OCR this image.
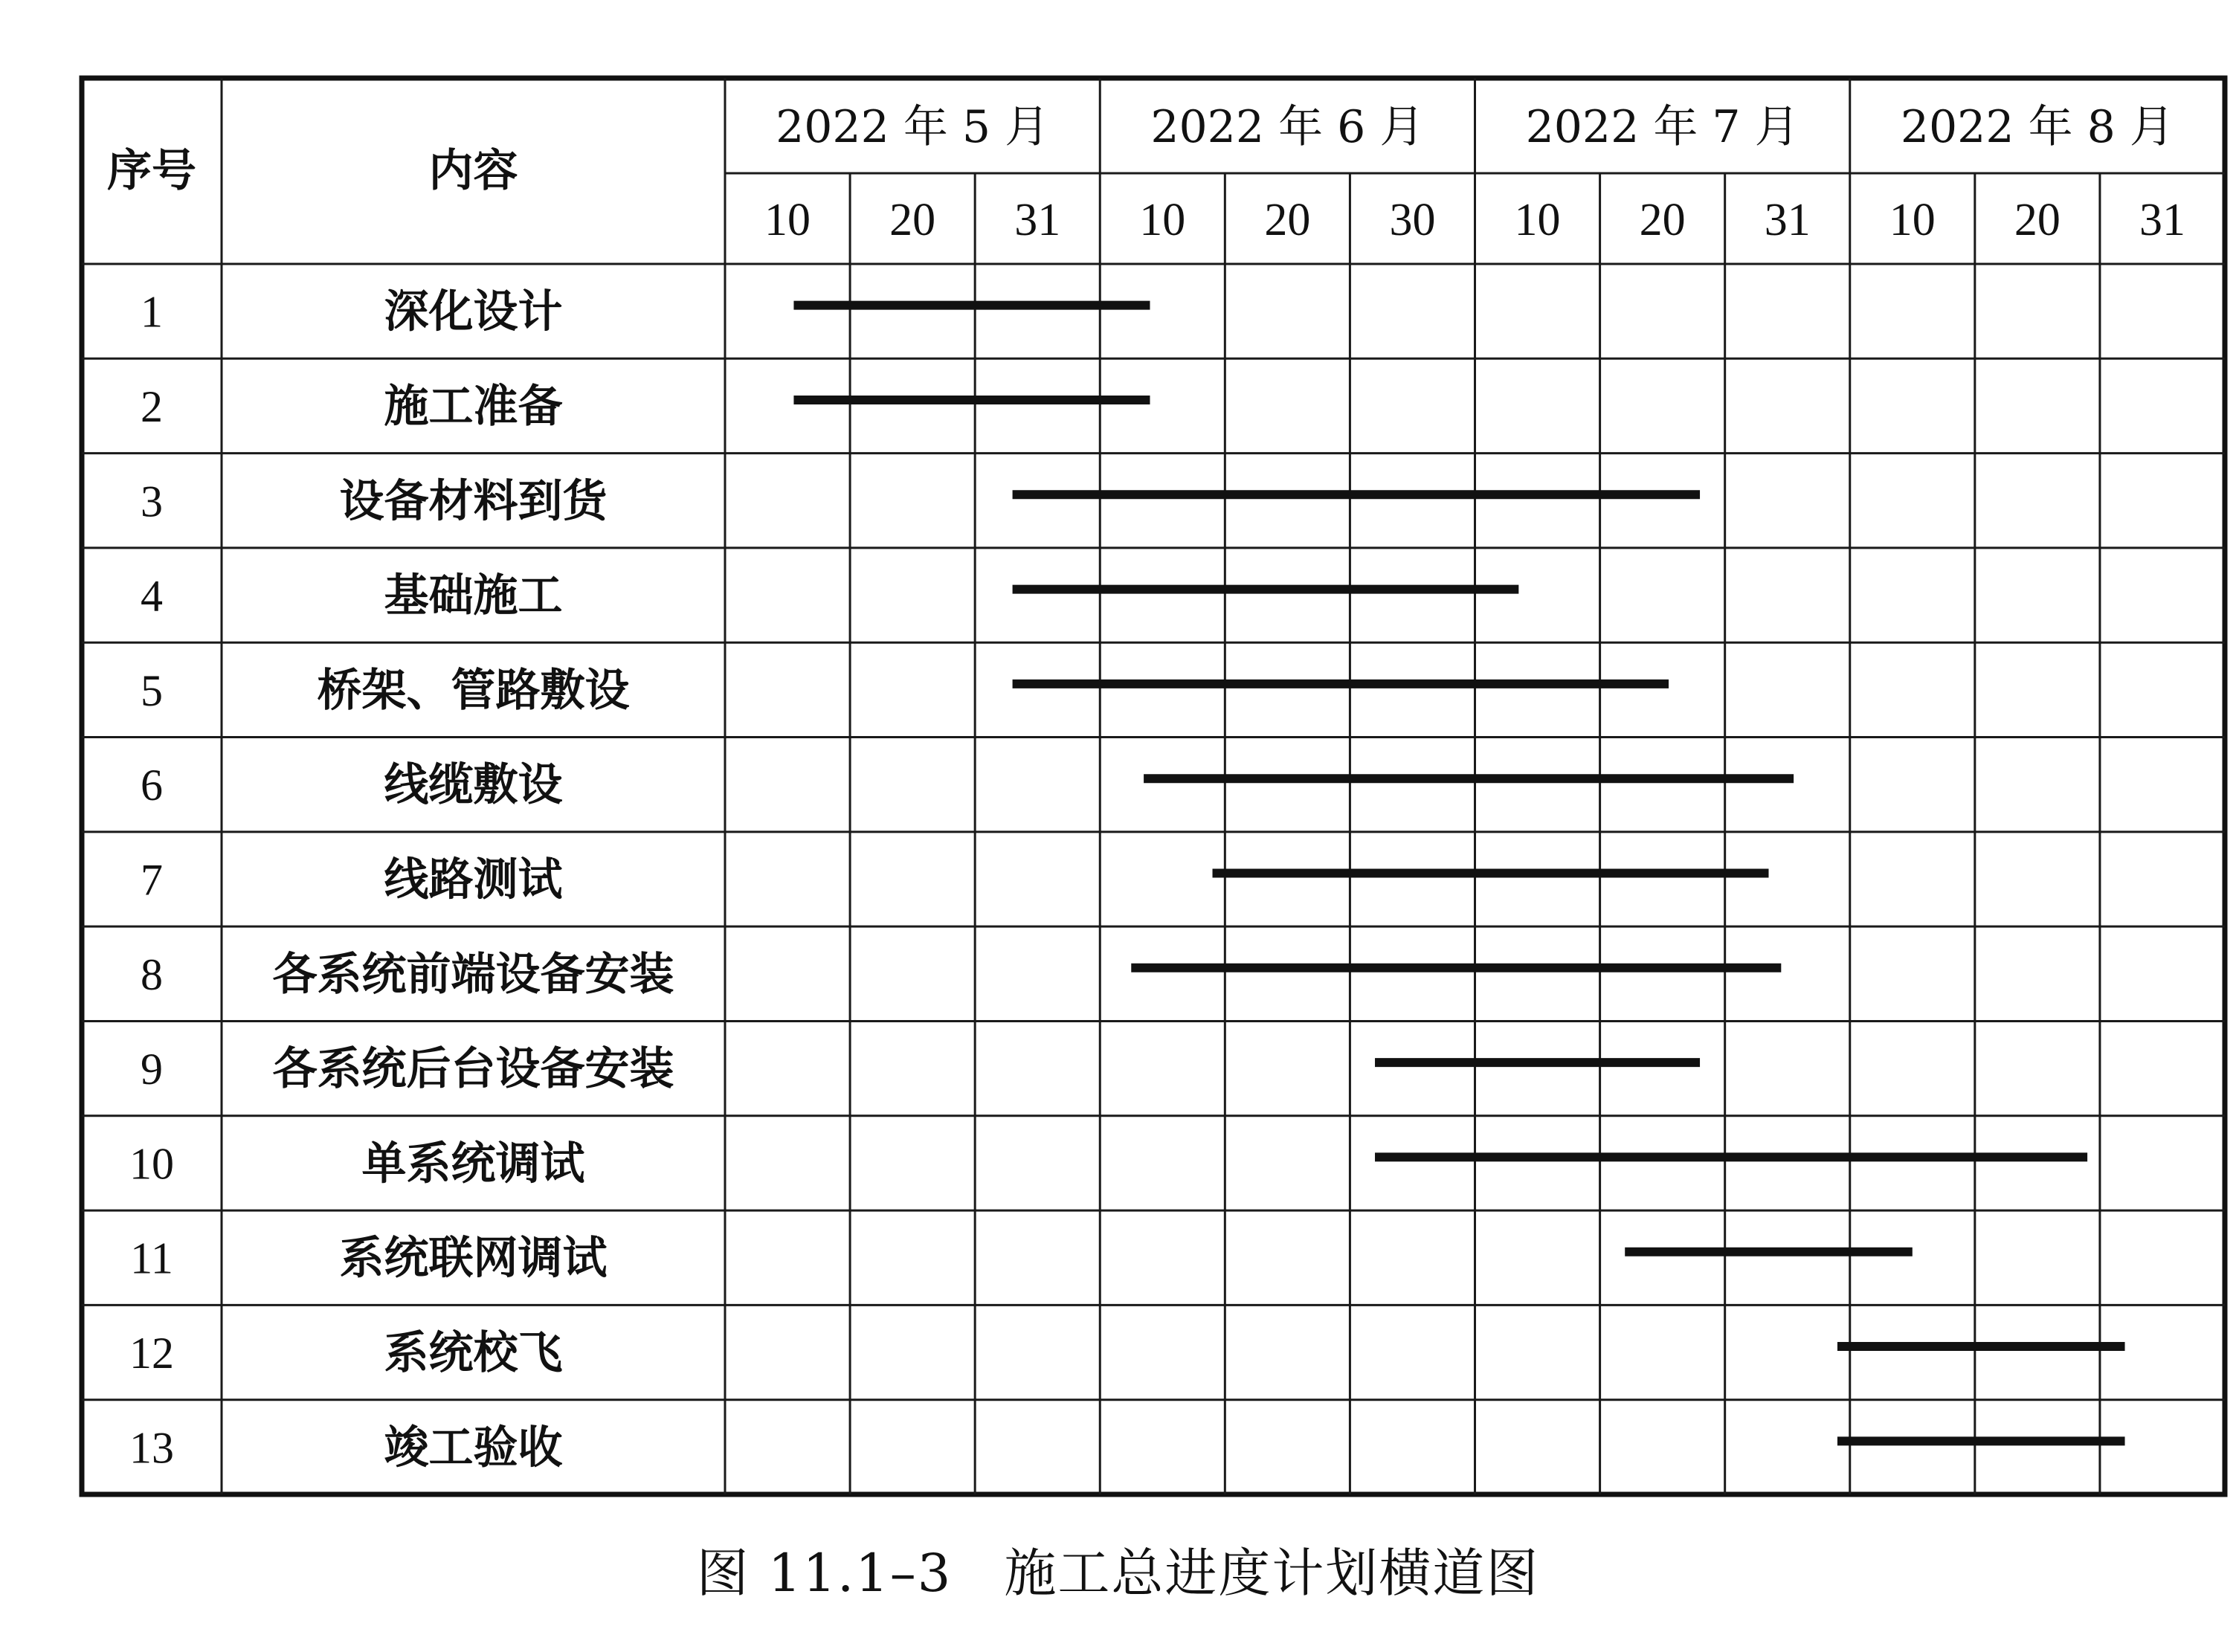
序号	内容
2022 年 5 月
10 20 31
2022 年 6 月
10 20 30
2022 年 7 月
10 20 31
2022 年 8 月
10 20 31
1	深化设计
2	施工准备
3	设备材料到货
4	基础施工
5	桥架、管路敷设
6	线缆敷设
7	线路测试
8 各系统前端设备安装
9 各系统后台设备安装
10	单系统调试
11	系统联网调试
12	系统校飞
13	竣工验收
图 11.1–3 施工总进度计划横道图
